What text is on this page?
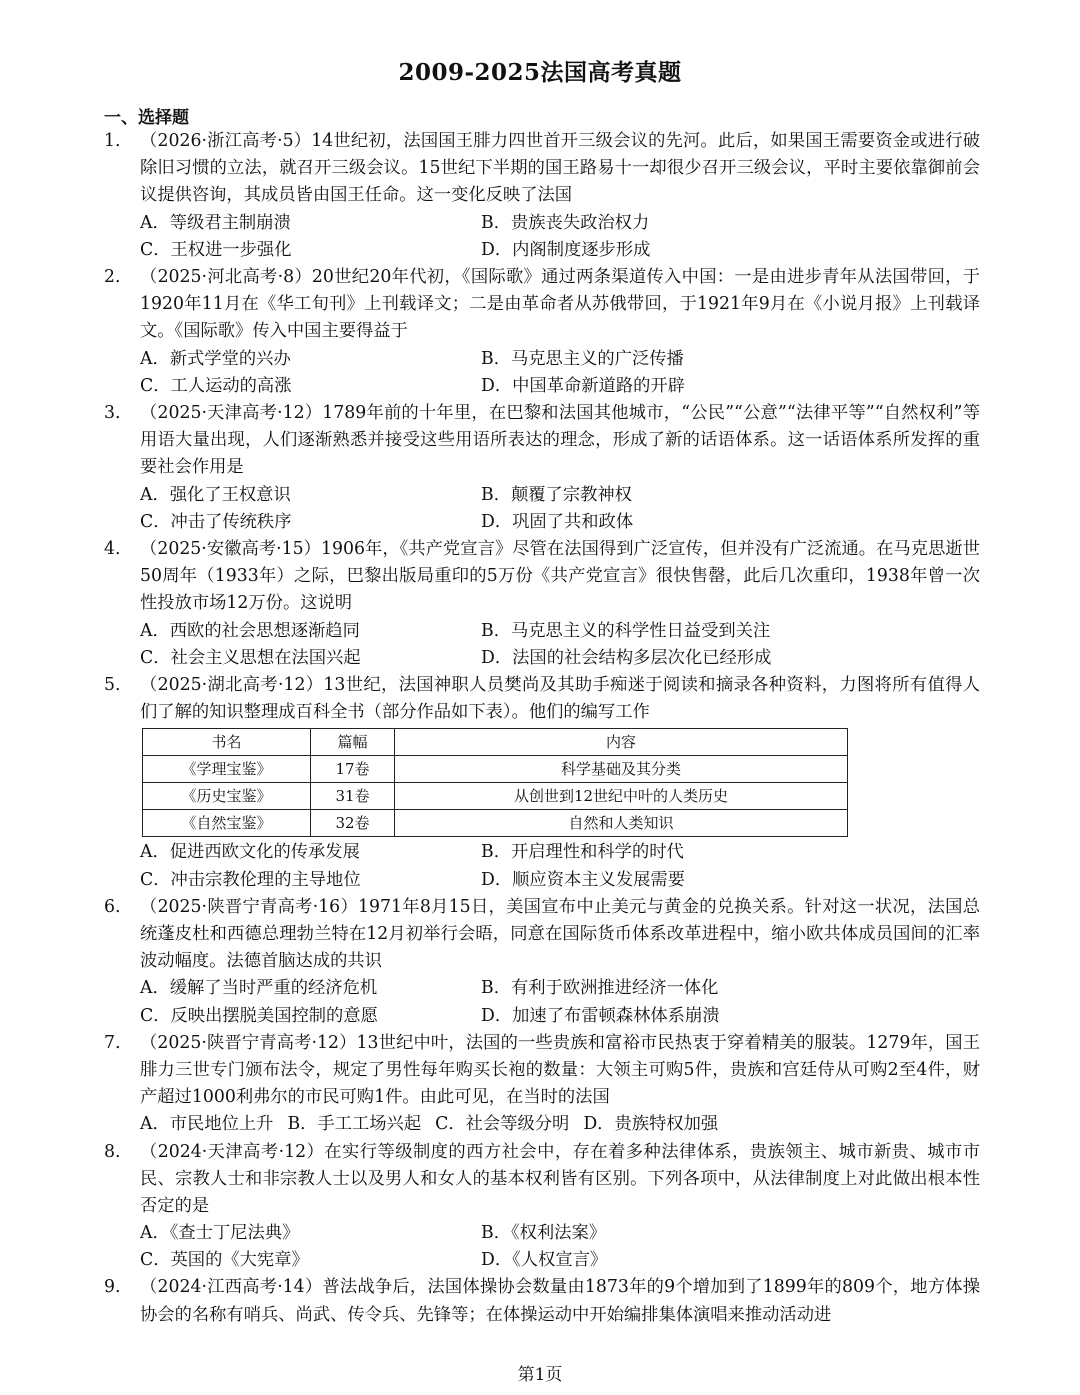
2009-2025法国高考真题
一、选择题
1.	（2026·浙江高考·5）14世纪初，法国国王腓力四世首开三级会议的先河。此后，如果国王需要资金或进行破除旧习惯的立法，就召开三级会议。15世纪下半期的国王路易十一却很少召开三级会议，平时主要依靠御前会议提供咨询，其成员皆由国王任命。这一变化反映了法国
A．等级君主制崩溃	B．贵族丧失政治权力
C．王权进一步强化	D．内阁制度逐步形成
2.	（2025·河北高考·8）20世纪20年代初，《国际歌》通过两条渠道传入中国：一是由进步青年从法国带回，于1920年11月在《华工旬刊》上刊载译文；二是由革命者从苏俄带回，于1921年9月在《小说月报》上刊载译文。《国际歌》传入中国主要得益于
A．新式学堂的兴办	B．马克思主义的广泛传播
C．工人运动的高涨	D．中国革命新道路的开辟
3.	（2025·天津高考·12）1789年前的十年里，在巴黎和法国其他城市，“公民”“公意”“法律平等”“自然权利”等用语大量出现，人们逐渐熟悉并接受这些用语所表达的理念，形成了新的话语体系。这一话语体系所发挥的重要社会作用是
A．强化了王权意识	B．颠覆了宗教神权
C．冲击了传统秩序	D．巩固了共和政体
4.	（2025·安徽高考·15）1906年，《共产党宣言》尽管在法国得到广泛宣传，但并没有广泛流通。在马克思逝世50周年（1933年）之际，巴黎出版局重印的5万份《共产党宣言》很快售罄，此后几次重印，1938年曾一次性投放市场12万份。这说明
A．西欧的社会思想逐渐趋同	B．马克思主义的科学性日益受到关注
C．社会主义思想在法国兴起	D．法国的社会结构多层次化已经形成
5.	（2025·湖北高考·12）13世纪，法国神职人员樊尚及其助手痴迷于阅读和摘录各种资料，力图将所有值得人们了解的知识整理成百科全书（部分作品如下表）。他们的编写工作
书名	篇幅	内容
《学理宝鉴》	17卷	科学基础及其分类
《历史宝鉴》	31卷	从创世到12世纪中叶的人类历史
《自然宝鉴》	32卷	自然和人类知识
A．促进西欧文化的传承发展	B．开启理性和科学的时代
C．冲击宗教伦理的主导地位	D．顺应资本主义发展需要
6.	（2025·陕晋宁青高考·16）1971年8月15日，美国宣布中止美元与黄金的兑换关系。针对这一状况，法国总统蓬皮杜和西德总理勃兰特在12月初举行会晤，同意在国际货币体系改革进程中，缩小欧共体成员国间的汇率波动幅度。法德首脑达成的共识
A．缓解了当时严重的经济危机	B．有利于欧洲推进经济一体化
C．反映出摆脱美国控制的意愿	D．加速了布雷顿森林体系崩溃
7.	（2025·陕晋宁青高考·12）13世纪中叶，法国的一些贵族和富裕市民热衷于穿着精美的服装。1279年，国王腓力三世专门颁布法令，规定了男性每年购买长袍的数量：大领主可购5件，贵族和宫廷侍从可购2至4件，财产超过1000利弗尔的市民可购1件。由此可见，在当时的法国
A．市民地位上升 B．手工工场兴起 C．社会等级分明 D．贵族特权加强
8.	（2024·天津高考·12）在实行等级制度的西方社会中，存在着多种法律体系，贵族领主、城市新贵、城市市民、宗教人士和非宗教人士以及男人和女人的基本权利皆有区别。下列各项中，从法律制度上对此做出根本性否定的是
A．《查士丁尼法典》	B．《权利法案》
C．英国的《大宪章》	D．《人权宣言》
9.	（2024·江西高考·14）普法战争后，法国体操协会数量由1873年的9个增加到了1899年的809个，地方体操协会的名称有哨兵、尚武、传令兵、先锋等；在体操运动中开始编排集体演唱来推动活动进
第1页
